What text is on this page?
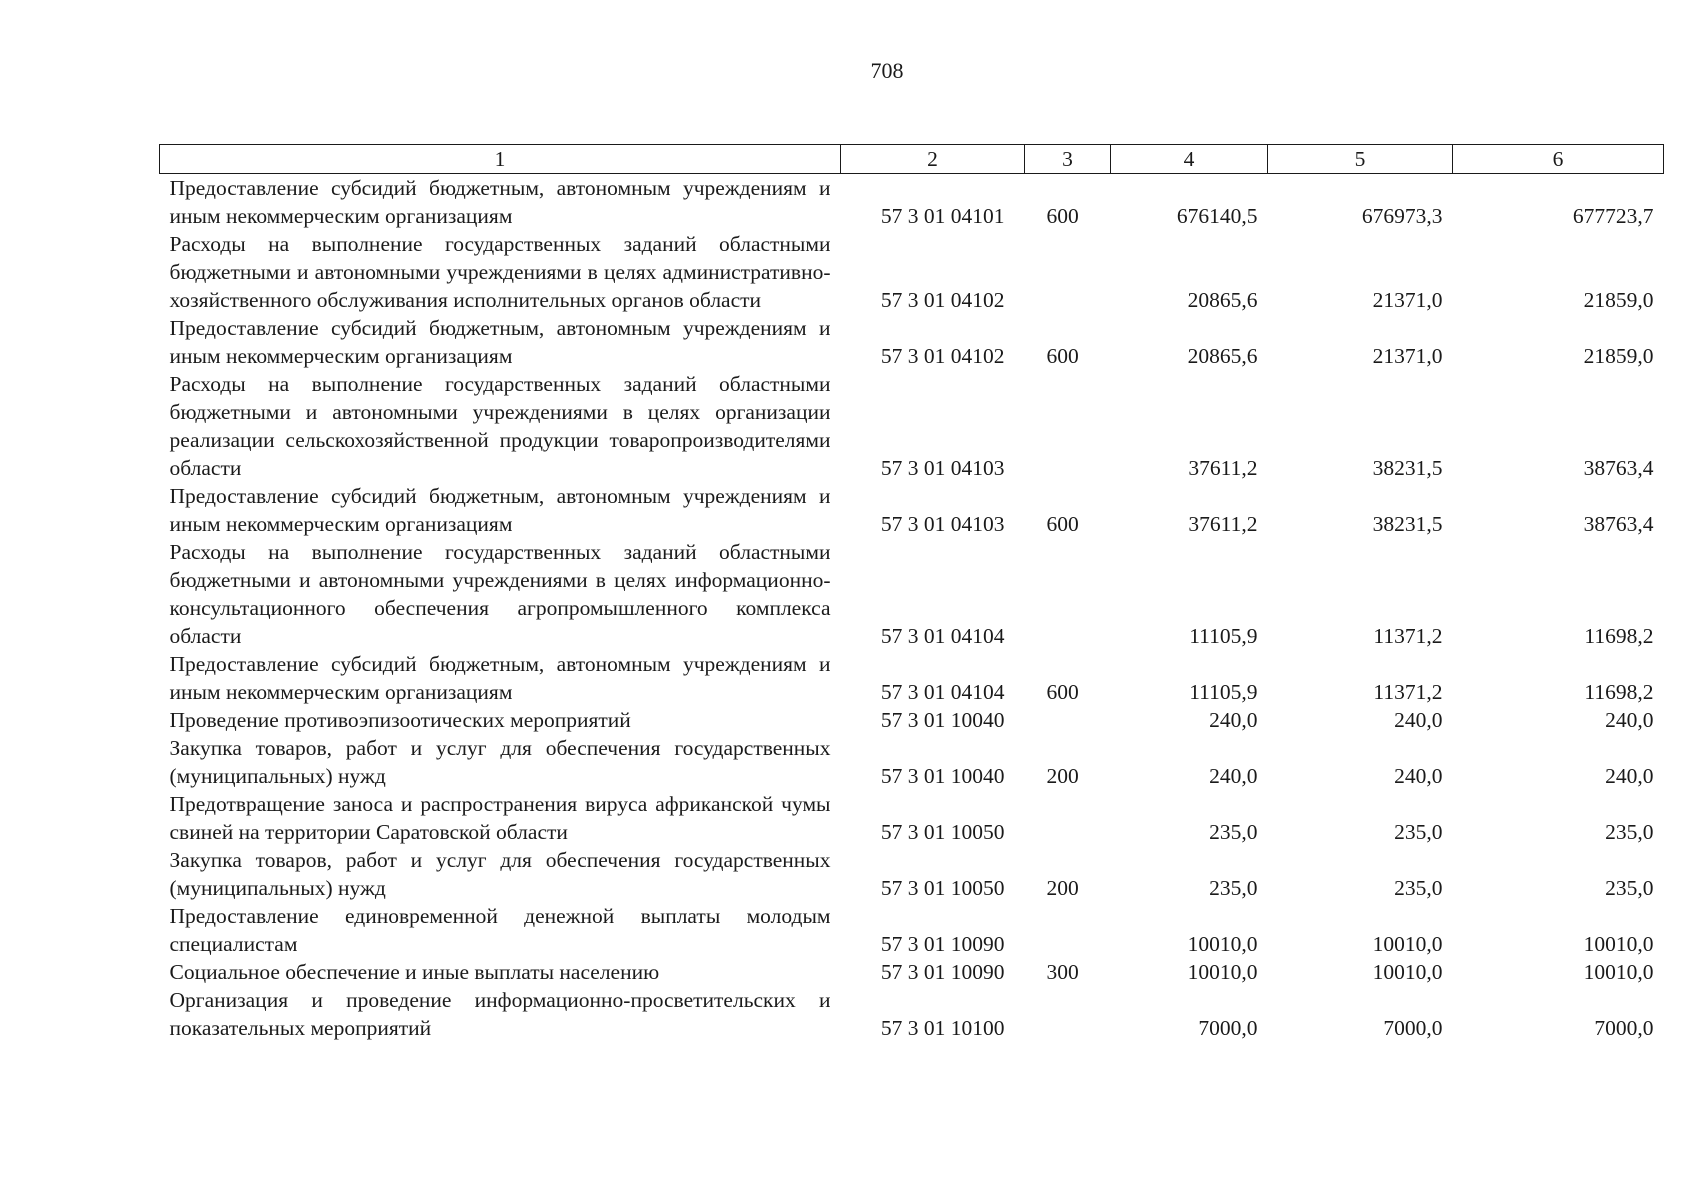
708
1	2	3	4	5	6
Предоставление субсидий бюджетным, автономным учреждениям и иным некоммерческим организациям	57 3 01 04101	600	676140,5	676973,3	677723,7
Расходы на выполнение государственных заданий областными бюджетными и автономными учреждениями в целях административно-хозяйственного обслуживания исполнительных органов области	57 3 01 04102		20865,6	21371,0	21859,0
Предоставление субсидий бюджетным, автономным учреждениям и иным некоммерческим организациям	57 3 01 04102	600	20865,6	21371,0	21859,0
Расходы на выполнение государственных заданий областными бюджетными и автономными учреждениями в целях организации реализации сельскохозяйственной продукции товаропроизводителями области	57 3 01 04103		37611,2	38231,5	38763,4
Предоставление субсидий бюджетным, автономным учреждениям и иным некоммерческим организациям	57 3 01 04103	600	37611,2	38231,5	38763,4
Расходы на выполнение государственных заданий областными бюджетными и автономными учреждениями в целях информационно-консультационного обеспечения агропромышленного комплекса области	57 3 01 04104		11105,9	11371,2	11698,2
Предоставление субсидий бюджетным, автономным учреждениям и иным некоммерческим организациям	57 3 01 04104	600	11105,9	11371,2	11698,2
Проведение противоэпизоотических мероприятий	57 3 01 10040		240,0	240,0	240,0
Закупка товаров, работ и услуг для обеспечения государственных (муниципальных) нужд	57 3 01 10040	200	240,0	240,0	240,0
Предотвращение заноса и распространения вируса африканской чумы свиней на территории Саратовской области	57 3 01 10050		235,0	235,0	235,0
Закупка товаров, работ и услуг для обеспечения государственных (муниципальных) нужд	57 3 01 10050	200	235,0	235,0	235,0
Предоставление единовременной денежной выплаты молодым специалистам	57 3 01 10090		10010,0	10010,0	10010,0
Социальное обеспечение и иные выплаты населению	57 3 01 10090	300	10010,0	10010,0	10010,0
Организация и проведение информационно-просветительских и показательных мероприятий	57 3 01 10100		7000,0	7000,0	7000,0
